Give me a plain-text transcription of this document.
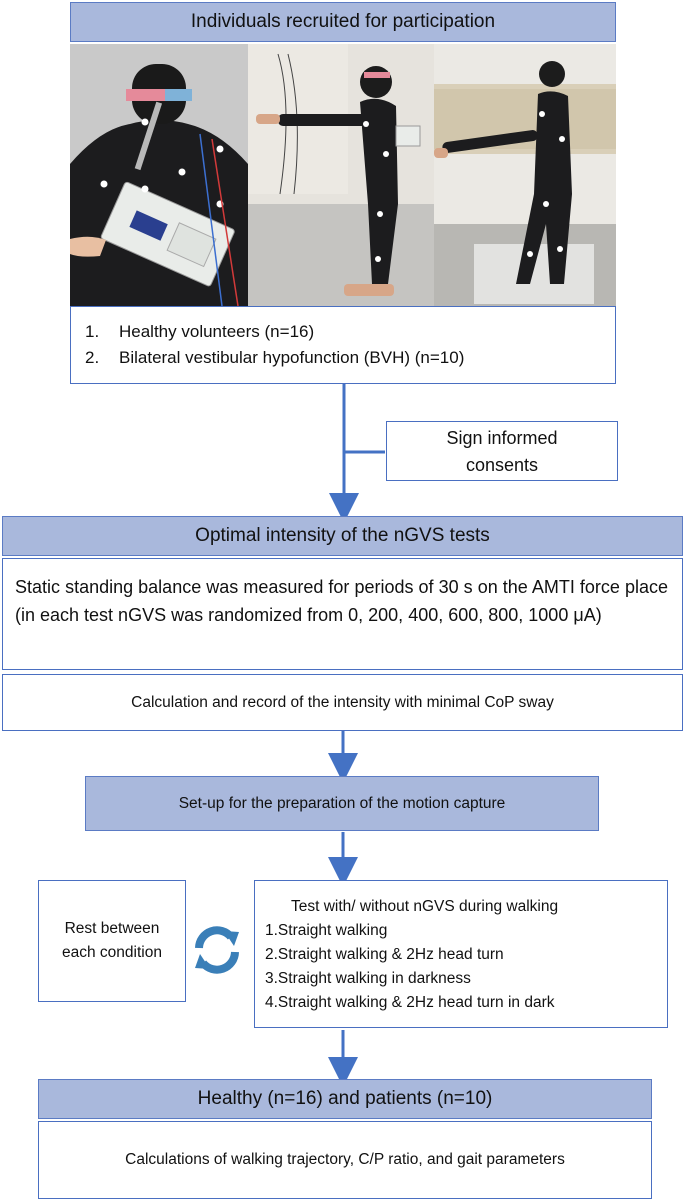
Individuals recruited for participation
1. Healthy volunteers (n=16)
2. Bilateral vestibular hypofunction (BVH) (n=10)
Sign informed
consents
Optimal intensity of the nGVS tests
Static standing balance was measured for periods of 30 s on the AMTI force place (in each test nGVS was randomized from 0, 200, 400, 600, 800, 1000 μA)
Calculation and record of the intensity with minimal CoP sway
Set-up for the preparation of the motion capture
Rest between
each condition
Test with/ without nGVS during walking
1.Straight walking
2.Straight walking & 2Hz head turn
3.Straight walking in darkness
4.Straight walking & 2Hz head turn in dark
Healthy (n=16) and patients (n=10)
Calculations of walking trajectory, C/P ratio, and gait parameters
